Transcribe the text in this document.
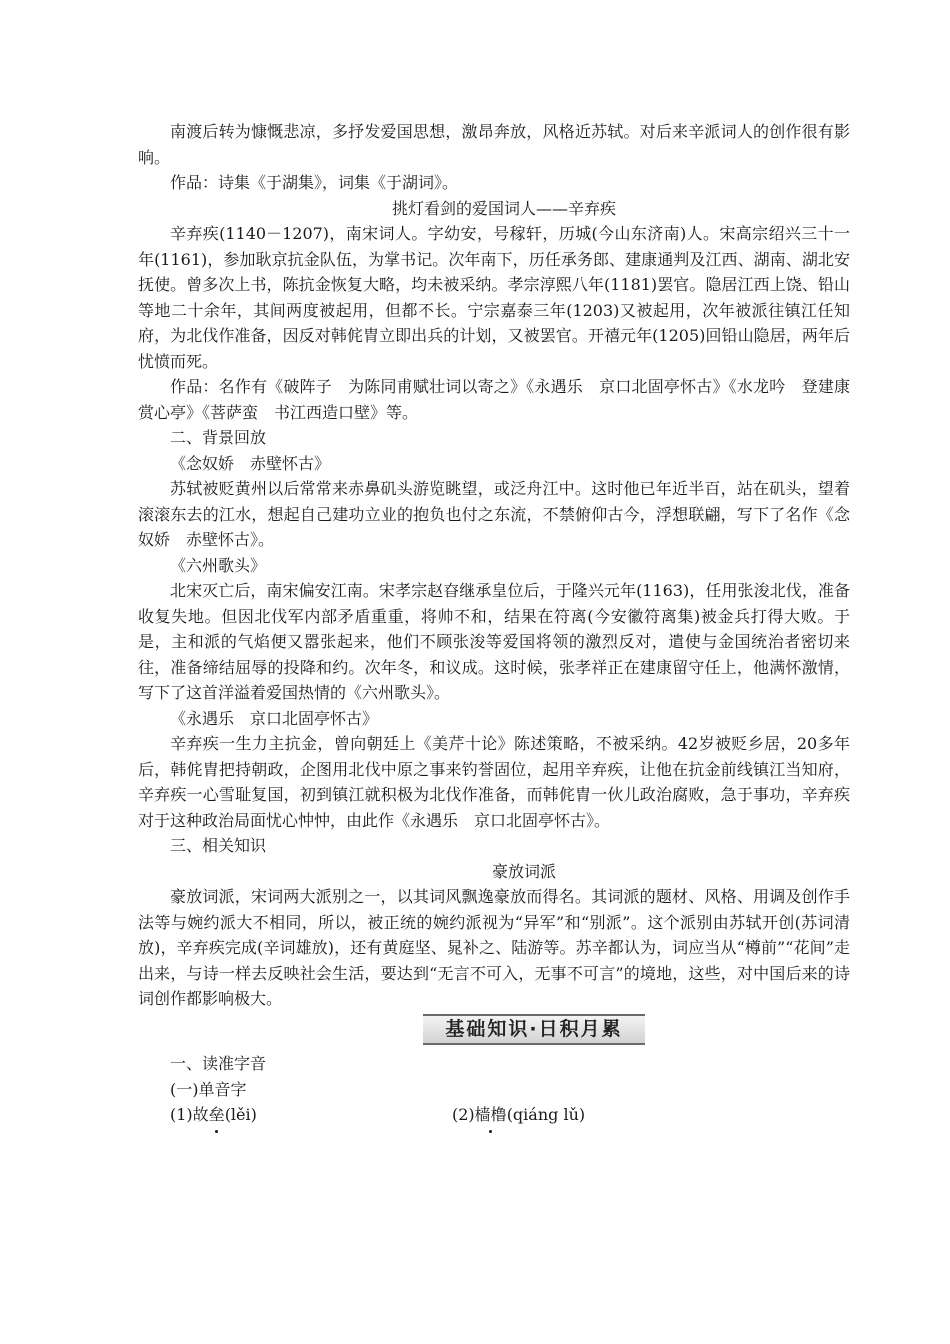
南渡后转为慷慨悲凉，多抒发爱国思想，激昂奔放，风格近苏轼。对后来辛派词人的创作很有影响。

作品：诗集《于湖集》，词集《于湖词》。

挑灯看剑的爱国词人——辛弃疾

辛弃疾(1140－1207)，南宋词人。字幼安，号稼轩，历城(今山东济南)人。宋高宗绍兴三十一年(1161)，参加耿京抗金队伍，为掌书记。次年南下，历任承务郎、建康通判及江西、湖南、湖北安抚使。曾多次上书，陈抗金恢复大略，均未被采纳。孝宗淳熙八年(1181)罢官。隐居江西上饶、铅山等地二十余年，其间两度被起用，但都不长。宁宗嘉泰三年(1203)又被起用，次年被派往镇江任知府，为北伐作准备，因反对韩侂胄立即出兵的计划，又被罢官。开禧元年(1205)回铅山隐居，两年后忧愤而死。

作品：名作有《破阵子　为陈同甫赋壮词以寄之》《永遇乐　京口北固亭怀古》《水龙吟　登建康赏心亭》《菩萨蛮　书江西造口壁》等。

二、背景回放

《念奴娇　赤壁怀古》

苏轼被贬黄州以后常常来赤鼻矶头游览眺望，或泛舟江中。这时他已年近半百，站在矶头，望着滚滚东去的江水，想起自己建功立业的抱负也付之东流，不禁俯仰古今，浮想联翩，写下了名作《念奴娇　赤壁怀古》。

《六州歌头》

北宋灭亡后，南宋偏安江南。宋孝宗赵昚继承皇位后，于隆兴元年(1163)，任用张浚北伐，准备收复失地。但因北伐军内部矛盾重重，将帅不和，结果在符离(今安徽符离集)被金兵打得大败。于是，主和派的气焰便又嚣张起来，他们不顾张浚等爱国将领的激烈反对，遣使与金国统治者密切来往，准备缔结屈辱的投降和约。次年冬，和议成。这时候，张孝祥正在建康留守任上，他满怀激情，写下了这首洋溢着爱国热情的《六州歌头》。

《永遇乐　京口北固亭怀古》

辛弃疾一生力主抗金，曾向朝廷上《美芹十论》陈述策略，不被采纳。42岁被贬乡居，20多年后，韩侂胄把持朝政，企图用北伐中原之事来钓誉固位，起用辛弃疾，让他在抗金前线镇江当知府，辛弃疾一心雪耻复国，初到镇江就积极为北伐作准备，而韩侂胄一伙儿政治腐败，急于事功，辛弃疾对于这种政治局面忧心忡忡，由此作《永遇乐　京口北固亭怀古》。

三、相关知识

豪放词派

豪放词派，宋词两大派别之一，以其词风飘逸豪放而得名。其词派的题材、风格、用调及创作手法等与婉约派大不相同，所以，被正统的婉约派视为“异军”和“别派”。这个派别由苏轼开创(苏词清放)，辛弃疾完成(辛词雄放)，还有黄庭坚、晁补之、陆游等。苏辛都认为，词应当从“樽前”“花间”走出来，与诗一样去反映社会生活，要达到“无言不可入，无事不可言”的境地，这些，对中国后来的诗词创作都影响极大。

基础知识·日积月累

一、读准字音

(一)单音字

(1)故垒(lěi)	(2)樯橹(qiáng lǔ)
